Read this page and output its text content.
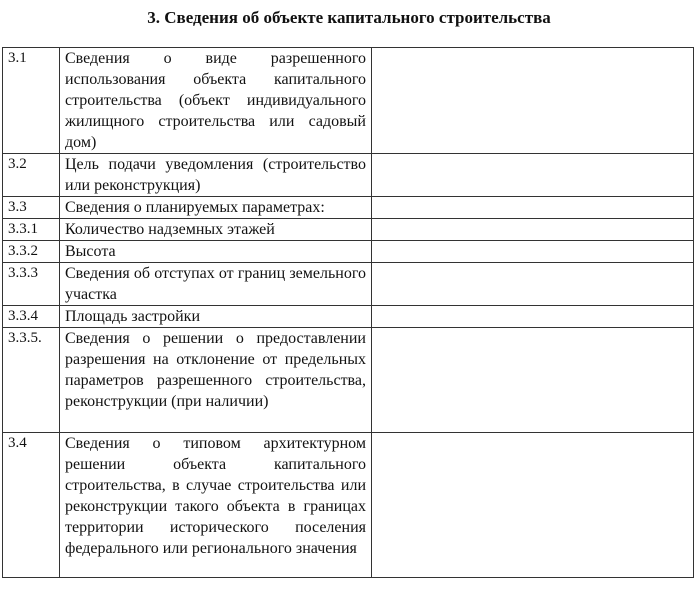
3. Сведения об объекте капитального строительства
3.1	Сведения о виде разрешенного использования объекта капитального строительства (объект индивидуального жилищного строительства или садовый дом)	
3.2	Цель подачи уведомления (строительство или реконструкция)	
3.3	Сведения о планируемых параметрах:	
3.3.1	Количество надземных этажей	
3.3.2	Высота	
3.3.3	Сведения об отступах от границ земельного участка	
3.3.4	Площадь застройки	
3.3.5.	Сведения о решении о предоставлении разрешения на отклонение от предельных параметров разрешенного строительства, реконструкции (при наличии)	
3.4	Сведения о типовом архитектурном решении объекта капитального строительства, в случае строительства или реконструкции такого объекта в границах территории исторического поселения федерального или регионального значения	
